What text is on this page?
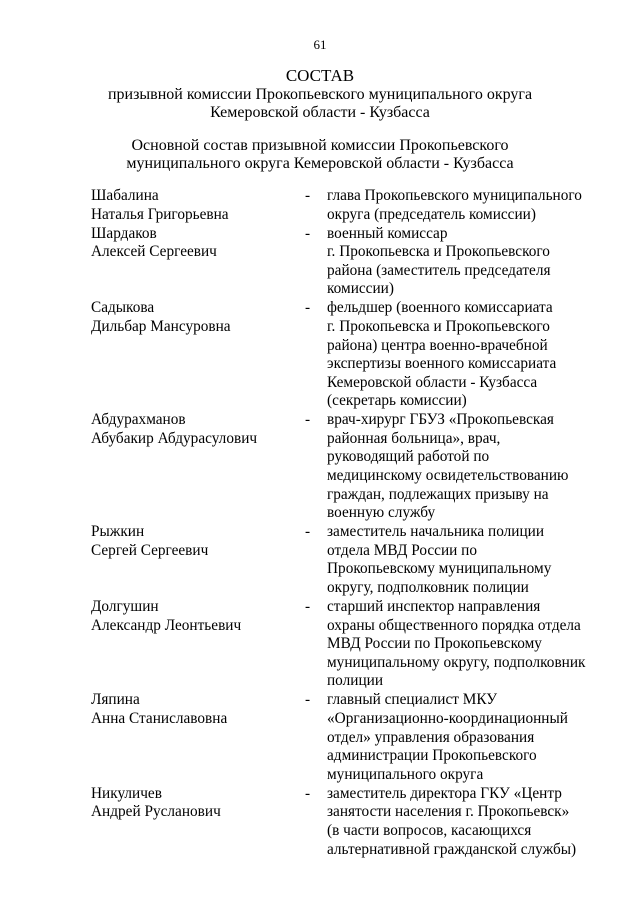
61
СОСТАВ
призывной комиссии Прокопьевского муниципального округа
Кемеровской области - Кузбасса
Основной состав призывной комиссии Прокопьевского
муниципального округа Кемеровской области - Кузбасса
Шабалина
Наталья Григорьевна
-	глава Прокопьевского муниципального
округа (председатель комиссии)
Шардаков
Алексей Сергеевич
-	военный комиссар
г. Прокопьевска и Прокопьевского
района (заместитель председателя
комиссии)
Садыкова
Дильбар Мансуровна
-	фельдшер (военного комиссариата
г. Прокопьевска и Прокопьевского
района) центра военно-врачебной
экспертизы военного комиссариата
Кемеровской области - Кузбасса
(секретарь комиссии)
Абдурахманов
Абубакир Абдурасулович
-	врач-хирург ГБУЗ «Прокопьевская
районная больница», врач,
руководящий работой по
медицинскому освидетельствованию
граждан, подлежащих призыву на
военную службу
Рыжкин
Сергей Сергеевич
-	заместитель начальника полиции
отдела МВД России по
Прокопьевскому муниципальному
округу, подполковник полиции
Долгушин
Александр Леонтьевич
-	старший инспектор направления
охраны общественного порядка отдела
МВД России по Прокопьевскому
муниципальному округу, подполковник
полиции
Ляпина
Анна Станиславовна
-	главный специалист МКУ
«Организационно-координационный
отдел» управления образования
администрации Прокопьевского
муниципального округа
Никуличев
Андрей Русланович
-	заместитель директора ГКУ «Центр
занятости населения г. Прокопьевск»
(в части вопросов, касающихся
альтернативной гражданской службы)
